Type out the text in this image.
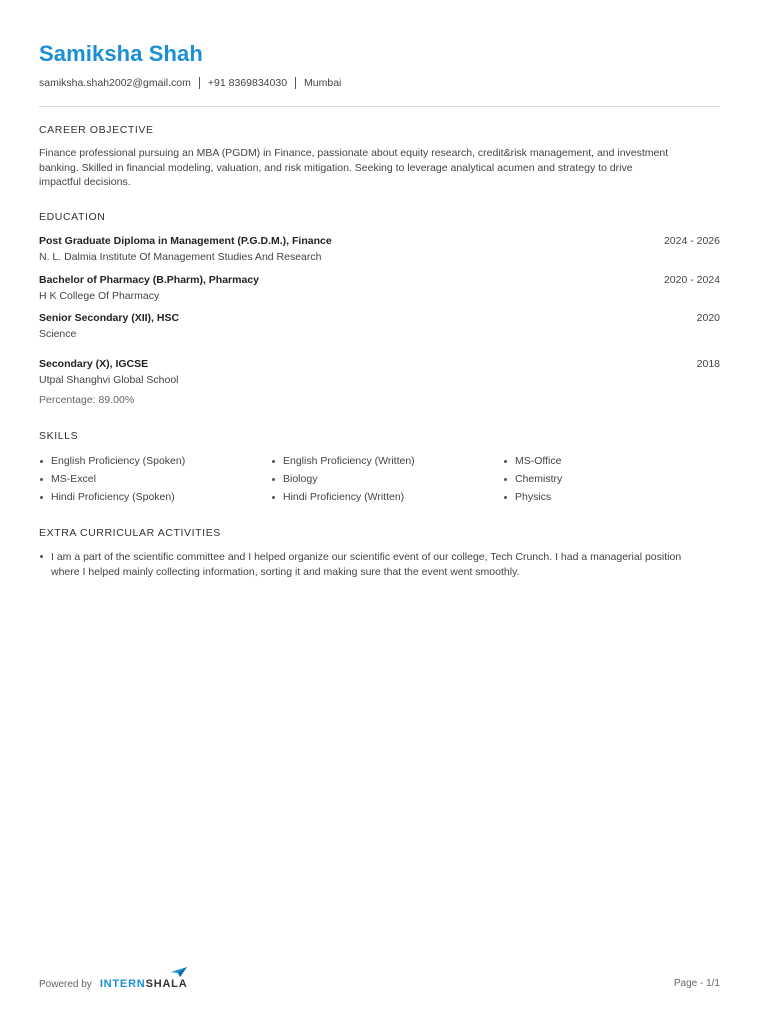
Samiksha Shah
samiksha.shah2002@gmail.com +91 8369834030 Mumbai
CAREER OBJECTIVE
Finance professional pursuing an MBA (PGDM) in Finance, passionate about equity research, credit&risk management, and investment
banking. Skilled in financial modeling, valuation, and risk mitigation. Seeking to leverage analytical acumen and strategy to drive
impactful decisions.
EDUCATION
Post Graduate Diploma in Management (P.G.D.M.), Finance
N. L. Dalmia Institute Of Management Studies And Research
2024 - 2026
Bachelor of Pharmacy (B.Pharm), Pharmacy
H K College Of Pharmacy
2020 - 2024
Senior Secondary (XII), HSC
Science
2020
Secondary (X), IGCSE
Utpal Shanghvi Global School
Percentage: 89.00%
2018
SKILLS
English Proficiency (Spoken)	English Proficiency (Written)	MS-Office
MS-Excel	Biology	Chemistry
Hindi Proficiency (Spoken)	Hindi Proficiency (Written)	Physics
EXTRA CURRICULAR ACTIVITIES
I am a part of the scientific committee and I helped organize our scientific event of our college, Tech Crunch. I had a managerial position
where I helped mainly collecting information, sorting it and making sure that the event went smoothly.
Powered by INTERNSHALA	Page - 1/1
